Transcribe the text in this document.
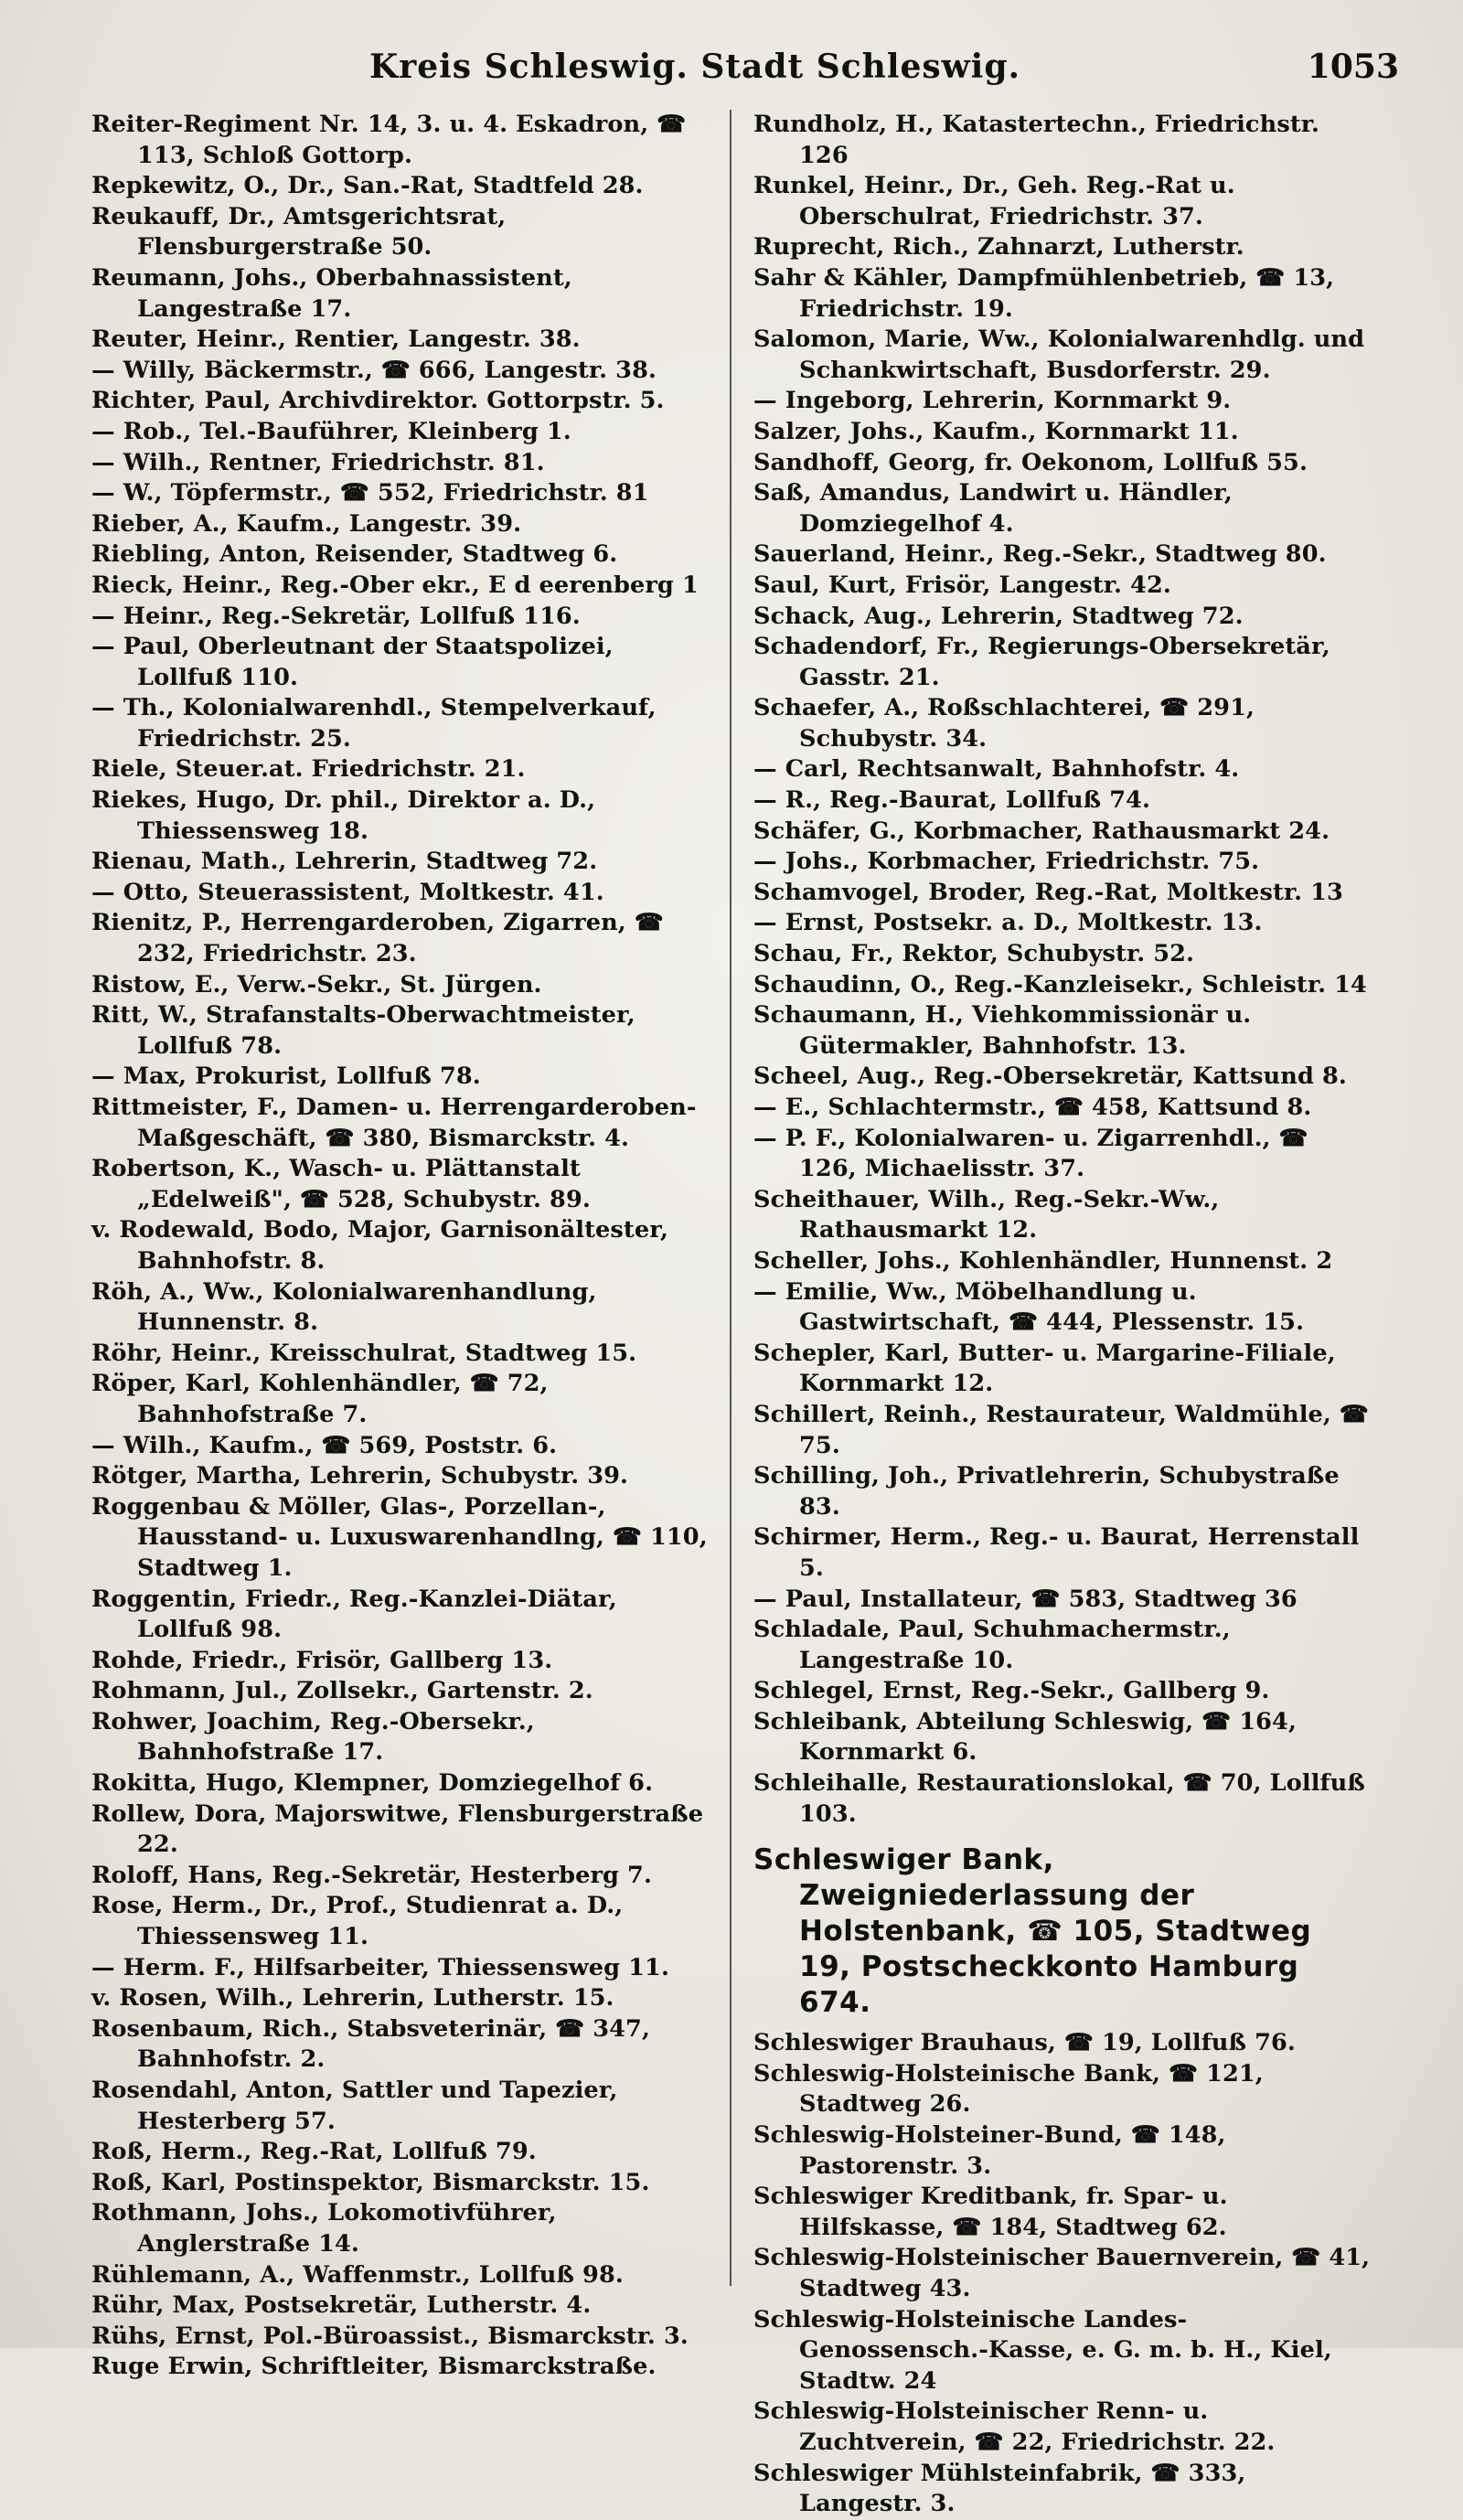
Kreis Schleswig. Stadt Schleswig.	1053

Reiter-Regiment Nr. 14, 3. u. 4. Eskadron, ☎ 113, Schloß Gottorp.

Repkewitz, O., Dr., San.-Rat, Stadtfeld 28.

Reukauff, Dr., Amtsgerichtsrat, Flensburgerstraße 50.

Reumann, Johs., Oberbahnassistent, Langestraße 17.

Reuter, Heinr., Rentier, Langestr. 38.

— Willy, Bäckermstr., ☎ 666, Langestr. 38.

Richter, Paul, Archivdirektor. Gottorpstr. 5.

— Rob., Tel.-Bauführer, Kleinberg 1.

— Wilh., Rentner, Friedrichstr. 81.

— W., Töpfermstr., ☎ 552, Friedrichstr. 81

Rieber, A., Kaufm., Langestr. 39.

Riebling, Anton, Reisender, Stadtweg 6.

Rieck, Heinr., Reg.-Ober ekr., E d eerenberg 1

— Heinr., Reg.-Sekretär, Lollfuß 116.

— Paul, Oberleutnant der Staatspolizei, Lollfuß 110.

— Th., Kolonialwarenhdl., Stempelverkauf, Friedrichstr. 25.

Riele, Steuer.at. Friedrichstr. 21.

Riekes, Hugo, Dr. phil., Direktor a. D., Thiessensweg 18.

Rienau, Math., Lehrerin, Stadtweg 72.

— Otto, Steuerassistent, Moltkestr. 41.

Rienitz, P., Herrengarderoben, Zigarren, ☎ 232, Friedrichstr. 23.

Ristow, E., Verw.-Sekr., St. Jürgen.

Ritt, W., Strafanstalts-Oberwachtmeister, Lollfuß 78.

— Max, Prokurist, Lollfuß 78.

Rittmeister, F., Damen- u. Herrengarderoben-Maßgeschäft, ☎ 380, Bismarckstr. 4.

Robertson, K., Wasch- u. Plättanstalt „Edelweiß", ☎ 528, Schubystr. 89.

v. Rodewald, Bodo, Major, Garnisonältester, Bahnhofstr. 8.

Röh, A., Ww., Kolonialwarenhandlung, Hunnenstr. 8.

Röhr, Heinr., Kreisschulrat, Stadtweg 15.

Röper, Karl, Kohlenhändler, ☎ 72, Bahnhofstraße 7.

— Wilh., Kaufm., ☎ 569, Poststr. 6.

Rötger, Martha, Lehrerin, Schubystr. 39.

Roggenbau & Möller, Glas-, Porzellan-, Hausstand- u. Luxuswarenhandlng, ☎ 110, Stadtweg 1.

Roggentin, Friedr., Reg.-Kanzlei-Diätar, Lollfuß 98.

Rohde, Friedr., Frisör, Gallberg 13.

Rohmann, Jul., Zollsekr., Gartenstr. 2.

Rohwer, Joachim, Reg.-Obersekr., Bahnhofstraße 17.

Rokitta, Hugo, Klempner, Domziegelhof 6.

Rollew, Dora, Majorswitwe, Flensburgerstraße 22.

Roloff, Hans, Reg.-Sekretär, Hesterberg 7.

Rose, Herm., Dr., Prof., Studienrat a. D., Thiessensweg 11.

— Herm. F., Hilfsarbeiter, Thiessensweg 11.

v. Rosen, Wilh., Lehrerin, Lutherstr. 15.

Rosenbaum, Rich., Stabsveterinär, ☎ 347, Bahnhofstr. 2.

Rosendahl, Anton, Sattler und Tapezier, Hesterberg 57.

Roß, Herm., Reg.-Rat, Lollfuß 79.

Roß, Karl, Postinspektor, Bismarckstr. 15.

Rothmann, Johs., Lokomotivführer, Anglerstraße 14.

Rühlemann, A., Waffenmstr., Lollfuß 98.

Rühr, Max, Postsekretär, Lutherstr. 4.

Rühs, Ernst, Pol.-Büroassist., Bismarckstr. 3.

Ruge Erwin, Schriftleiter, Bismarckstraße.

Rundholz, H., Katastertechn., Friedrichstr. 126

Runkel, Heinr., Dr., Geh. Reg.-Rat u. Oberschulrat, Friedrichstr. 37.

Ruprecht, Rich., Zahnarzt, Lutherstr.

Sahr & Kähler, Dampfmühlenbetrieb, ☎ 13, Friedrichstr. 19.

Salomon, Marie, Ww., Kolonialwarenhdlg. und Schankwirtschaft, Busdorferstr. 29.

— Ingeborg, Lehrerin, Kornmarkt 9.

Salzer, Johs., Kaufm., Kornmarkt 11.

Sandhoff, Georg, fr. Oekonom, Lollfuß 55.

Saß, Amandus, Landwirt u. Händler, Domziegelhof 4.

Sauerland, Heinr., Reg.-Sekr., Stadtweg 80.

Saul, Kurt, Frisör, Langestr. 42.

Schack, Aug., Lehrerin, Stadtweg 72.

Schadendorf, Fr., Regierungs-Obersekretär, Gasstr. 21.

Schaefer, A., Roßschlachterei, ☎ 291, Schubystr. 34.

— Carl, Rechtsanwalt, Bahnhofstr. 4.

— R., Reg.-Baurat, Lollfuß 74.

Schäfer, G., Korbmacher, Rathausmarkt 24.

— Johs., Korbmacher, Friedrichstr. 75.

Schamvogel, Broder, Reg.-Rat, Moltkestr. 13

— Ernst, Postsekr. a. D., Moltkestr. 13.

Schau, Fr., Rektor, Schubystr. 52.

Schaudinn, O., Reg.-Kanzleisekr., Schleistr. 14

Schaumann, H., Viehkommissionär u. Gütermakler, Bahnhofstr. 13.

Scheel, Aug., Reg.-Obersekretär, Kattsund 8.

— E., Schlachtermstr., ☎ 458, Kattsund 8.

— P. F., Kolonialwaren- u. Zigarrenhdl., ☎ 126, Michaelisstr. 37.

Scheithauer, Wilh., Reg.-Sekr.-Ww., Rathausmarkt 12.

Scheller, Johs., Kohlenhändler, Hunnenst. 2

— Emilie, Ww., Möbelhandlung u. Gastwirtschaft, ☎ 444, Plessenstr. 15.

Schepler, Karl, Butter- u. Margarine-Filiale, Kornmarkt 12.

Schillert, Reinh., Restaurateur, Waldmühle, ☎ 75.

Schilling, Joh., Privatlehrerin, Schubystraße 83.

Schirmer, Herm., Reg.- u. Baurat, Herrenstall 5.

— Paul, Installateur, ☎ 583, Stadtweg 36

Schladale, Paul, Schuhmachermstr., Langestraße 10.

Schlegel, Ernst, Reg.-Sekr., Gallberg 9.

Schleibank, Abteilung Schleswig, ☎ 164, Kornmarkt 6.

Schleihalle, Restaurationslokal, ☎ 70, Lollfuß 103.

Schleswiger Bank, Zweigniederlassung der Holstenbank, ☎ 105, Stadtweg 19, Postscheckkonto Hamburg 674.

Schleswiger Brauhaus, ☎ 19, Lollfuß 76.

Schleswig-Holsteinische Bank, ☎ 121, Stadtweg 26.

Schleswig-Holsteiner-Bund, ☎ 148, Pastorenstr. 3.

Schleswiger Kreditbank, fr. Spar- u. Hilfskasse, ☎ 184, Stadtweg 62.

Schleswig-Holsteinischer Bauernverein, ☎ 41, Stadtweg 43.

Schleswig-Holsteinische Landes-Genossensch.-Kasse, e. G. m. b. H., Kiel, Stadtw. 24

Schleswig-Holsteinischer Renn- u. Zuchtverein, ☎ 22, Friedrichstr. 22.

Schleswiger Mühlsteinfabrik, ☎ 333, Langestr. 3.
